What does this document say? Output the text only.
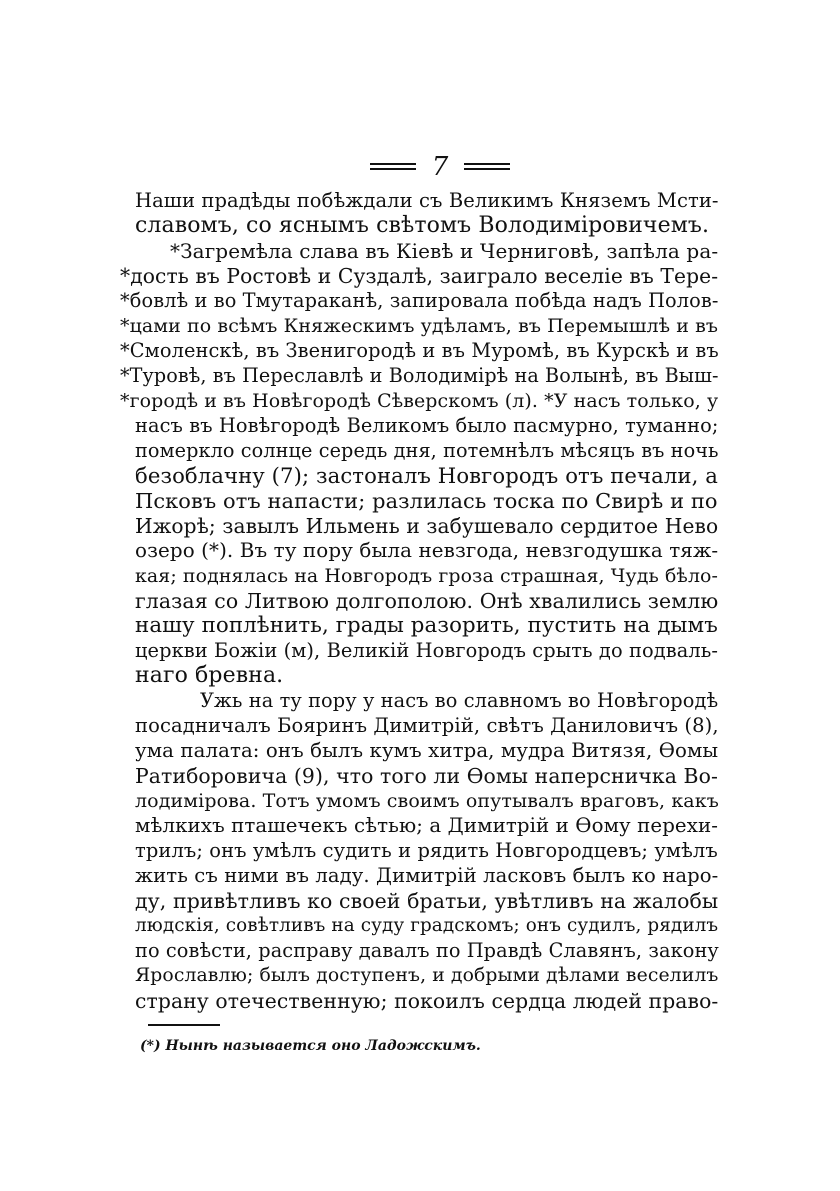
7
Наши прадѣды побѣждали съ Великимъ Княземъ Мсти-
славомъ, со яснымъ свѣтомъ Володимiровичемъ.
*Загремѣла слава въ Кiевѣ и Черниговѣ, запѣла ра-
*дость въ Ростовѣ и Суздалѣ, заиграло веселiе въ Тере-
*бовлѣ и во Тмутараканѣ, запировала побѣда надъ Полов-
*цами по всѣмъ Княжескимъ удѣламъ, въ Перемышлѣ и въ
*Смоленскѣ, въ Звенигородѣ и въ Муромѣ, въ Курскѣ и въ
*Туровѣ, въ Переславлѣ и Володимiрѣ на Волынѣ, въ Выш-
*городѣ и въ Новѣгородѣ Сѣверскомъ (л). *У насъ только, у
насъ въ Новѣгородѣ Великомъ было пасмурно, туманно;
померкло солнце середь дня, потемнѣлъ мѣсяцъ въ ночь
безоблачну (7); застоналъ Новгородъ отъ печали, а
Псковъ отъ напасти; разлилась тоска по Свирѣ и по
Ижорѣ; завылъ Ильмень и забушевало сердитое Нево
озеро (*). Въ ту пору была невзгода, невзгодушка тяж-
кая; поднялась на Новгородъ гроза страшная, Чудь бѣло-
глазая со Литвою долгополою. Онѣ хвалились землю
нашу поплѣнить, грады разорить, пустить на дымъ
церкви Божiи (м), Великiй Новгородъ срыть до подваль-
наго бревна.
Ужь на ту пору у насъ во славномъ во Новѣгородѣ
посадничалъ Бояринъ Димитрiй, свѣтъ Даниловичъ (8),
ума палата: онъ былъ кумъ хитра, мудра Витязя, Ѳомы
Ратиборовича (9), что того ли Ѳомы наперсничка Во-
лодимiрова. Тотъ умомъ своимъ опутывалъ враговъ, какъ
мѣлкихъ пташечекъ сѣтью; а Димитрiй и Ѳому перехи-
трилъ; онъ умѣлъ судить и рядить Новгородцевъ; умѣлъ
жить съ ними въ ладу. Димитрiй ласковъ былъ ко наро-
ду, привѣтливъ ко своей братьи, увѣтливъ на жалобы
людскiя, совѣтливъ на суду градскомъ; онъ судилъ, рядилъ
по совѣсти, расправу давалъ по Правдѣ Славянъ, закону
Ярославлю; былъ доступенъ, и добрыми дѣлами веселилъ
страну отечественную; покоилъ сердца людей право-
(*) Нынѣ называется оно Ладожскимъ.
